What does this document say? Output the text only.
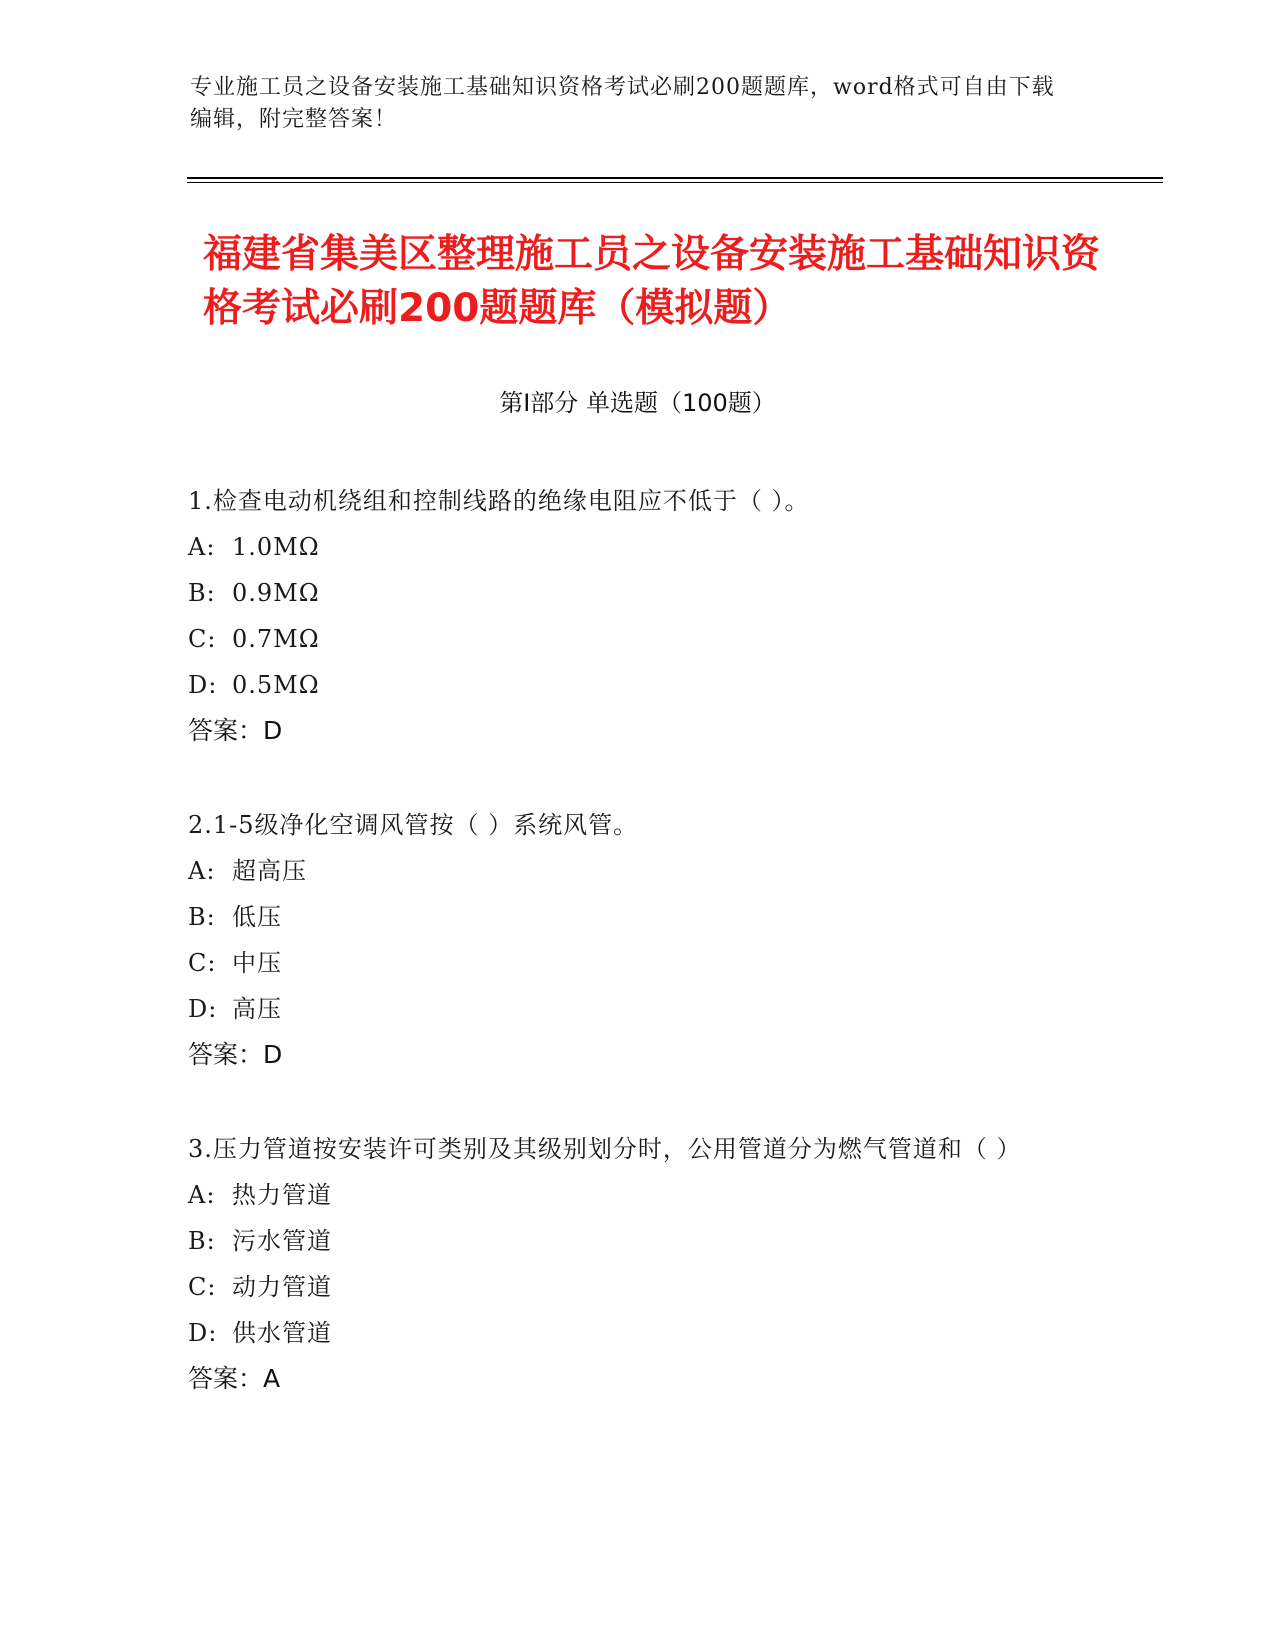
专业施工员之设备安装施工基础知识资格考试必刷200题题库，word格式可自由下载编辑，附完整答案！
福建省集美区整理施工员之设备安装施工基础知识资格考试必刷200题题库（模拟题）
第Ⅰ部分 单选题（100题）
1.检查电动机绕组和控制线路的绝缘电阻应不低于（ ）。
A: 1.0MΩ
B: 0.9MΩ
C: 0.7MΩ
D: 0.5MΩ
答案：D
2.1-5级净化空调风管按（ ）系统风管。
A: 超高压
B: 低压
C: 中压
D: 高压
答案：D
3.压力管道按安装许可类别及其级别划分时，公用管道分为燃气管道和（ ）
A: 热力管道
B: 污水管道
C: 动力管道
D: 供水管道
答案：A
